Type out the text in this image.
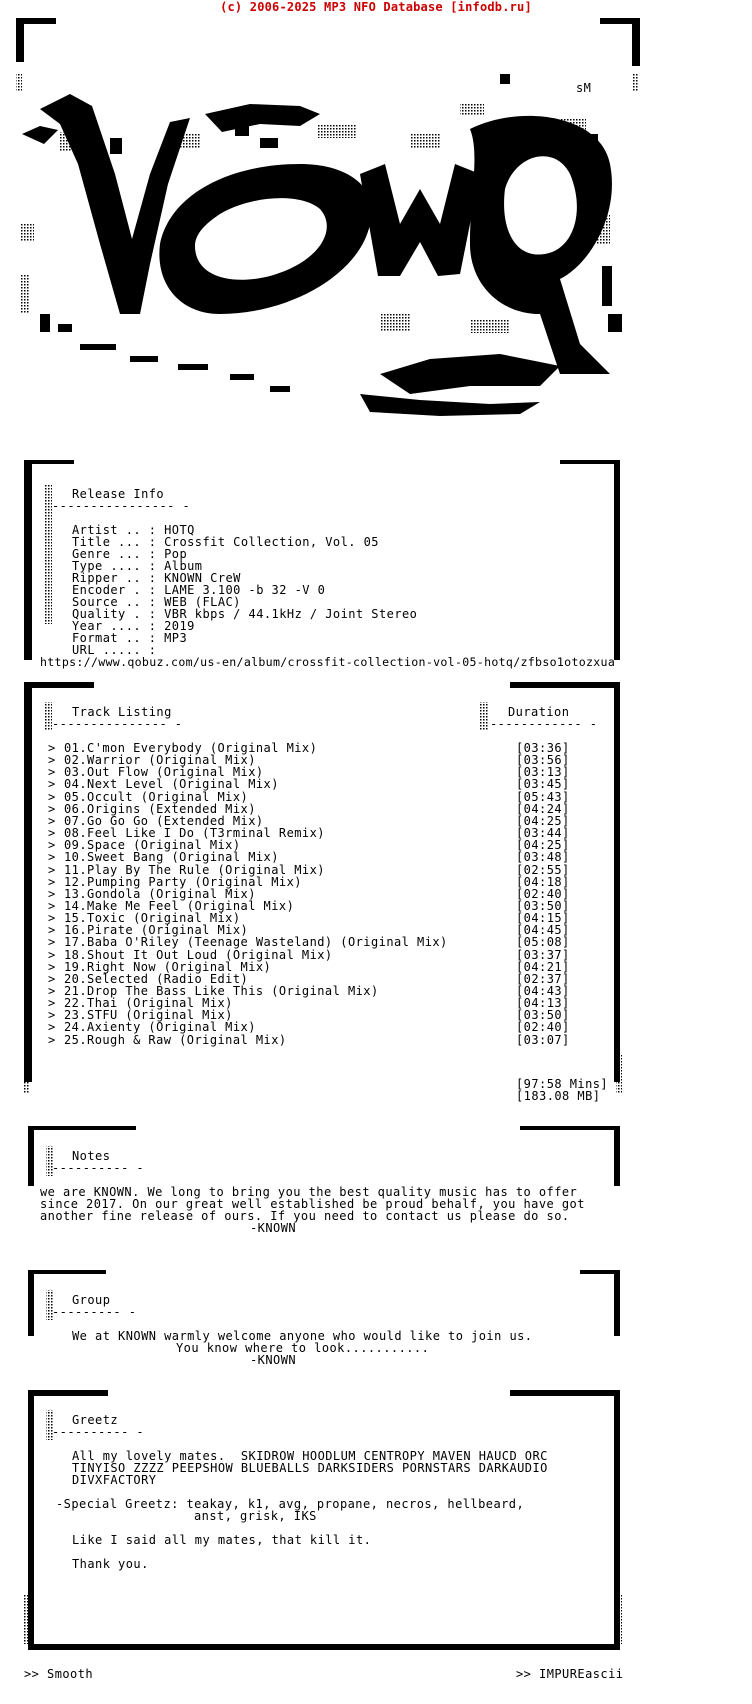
(c) 2006-2025 MP3 NFO Database [infodb.ru]
sM
Release Info
---------------- -
Artist .. : HOTQ
Title ... : Crossfit Collection, Vol. 05
Genre ... : Pop
Type .... : Album
Ripper .. : KNOWN CreW
Encoder . : LAME 3.100 -b 32 -V 0
Source .. : WEB (FLAC)
Quality . : VBR kbps / 44.1kHz / Joint Stereo
Year .... : 2019
Format .. : MP3
URL ..... :
https://www.qobuz.com/us-en/album/crossfit-collection-vol-05-hotq/zfbso1otozxua
Track Listing
--------------- -
Duration
------------ -
> 01.C'mon Everybody (Original Mix)	[03:36]
> 02.Warrior (Original Mix)	[03:56]
> 03.Out Flow (Original Mix)	[03:13]
> 04.Next Level (Original Mix)	[03:45]
> 05.Occult (Original Mix)	[05:43]
> 06.Origins (Extended Mix)	[04:24]
> 07.Go Go Go (Extended Mix)	[04:25]
> 08.Feel Like I Do (T3rminal Remix)	[03:44]
> 09.Space (Original Mix)	[04:25]
> 10.Sweet Bang (Original Mix)	[03:48]
> 11.Play By The Rule (Original Mix)	[02:55]
> 12.Pumping Party (Original Mix)	[04:18]
> 13.Gondola (Original Mix)	[02:40]
> 14.Make Me Feel (Original Mix)	[03:50]
> 15.Toxic (Original Mix)	[04:15]
> 16.Pirate (Original Mix)	[04:45]
> 17.Baba O'Riley (Teenage Wasteland) (Original Mix)	[05:08]
> 18.Shout It Out Loud (Original Mix)	[03:37]
> 19.Right Now (Original Mix)	[04:21]
> 20.Selected (Radio Edit)	[02:37]
> 21.Drop The Bass Like This (Original Mix)	[04:43]
> 22.Thai (Original Mix)	[04:13]
> 23.STFU (Original Mix)	[03:50]
> 24.Axienty (Original Mix)	[02:40]
> 25.Rough & Raw (Original Mix)	[03:07]
[97:58 Mins]
[183.08 MB]
Notes
---------- -
we are KNOWN. We long to bring you the best quality music has to offer
since 2017. On our great well established be proud behalf, you have got
another fine release of ours. If you need to contact us please do so.
-KNOWN
Group
--------- -
We at KNOWN warmly welcome anyone who would like to join us.
You know where to look...........
-KNOWN
Greetz
---------- -
All my lovely mates.  SKIDROW HOODLUM CENTROPY MAVEN HAUCD ORC
TINYISO ZZZZ PEEPSHOW BLUEBALLS DARKSIDERS PORNSTARS DARKAUDIO
DIVXFACTORY
-Special Greetz: teakay, k1, avg, propane, necros, hellbeard,
anst, grisk, IKS
Like I said all my mates, that kill it.
Thank you.
>> Smooth	>> IMPUREascii
